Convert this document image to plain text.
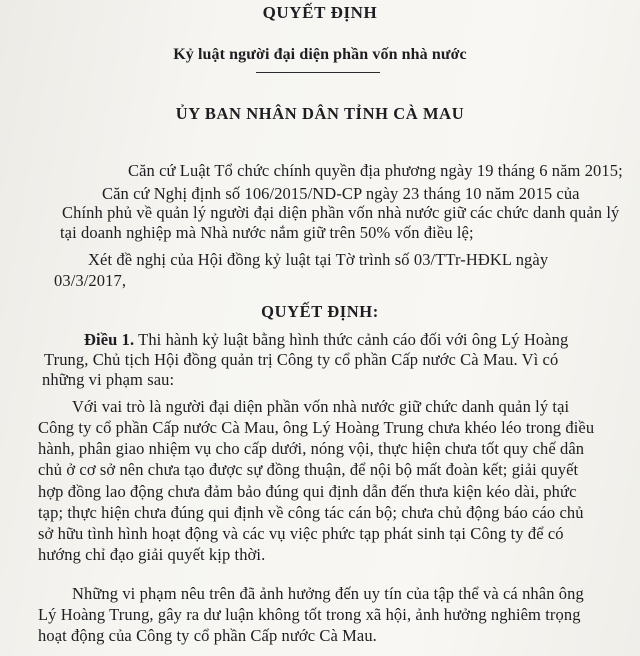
QUYẾT ĐỊNH
Kỷ luật người đại diện phần vốn nhà nước
ỦY BAN NHÂN DÂN TỈNH CÀ MAU
Căn cứ Luật Tổ chức chính quyền địa phương ngày 19 tháng 6 năm 2015;
Căn cứ Nghị định số 106/2015/ND-CP ngày 23 tháng 10 năm 2015 của
Chính phủ về quản lý người đại diện phần vốn nhà nước giữ các chức danh quản lý
tại doanh nghiệp mà Nhà nước nắm giữ trên 50% vốn điều lệ;
Xét đề nghị của Hội đồng kỷ luật tại Tờ trình số 03/TTr-HĐKL ngày
03/3/2017,
QUYẾT ĐỊNH:
Điều 1. Thi hành kỷ luật bằng hình thức cảnh cáo đối với ông Lý Hoàng
Trung, Chủ tịch Hội đồng quản trị Công ty cổ phần Cấp nước Cà Mau. Vì có
những vi phạm sau:
Với vai trò là người đại diện phần vốn nhà nước giữ chức danh quản lý tại
Công ty cổ phần Cấp nước Cà Mau, ông Lý Hoàng Trung chưa khéo léo trong điều
hành, phân giao nhiệm vụ cho cấp dưới, nóng vội, thực hiện chưa tốt quy chế dân
chủ ở cơ sở nên chưa tạo được sự đồng thuận, để nội bộ mất đoàn kết; giải quyết
hợp đồng lao động chưa đảm bảo đúng qui định dẫn đến thưa kiện kéo dài, phức
tạp; thực hiện chưa đúng qui định về công tác cán bộ; chưa chủ động báo cáo chủ
sở hữu tình hình hoạt động và các vụ việc phức tạp phát sinh tại Công ty để có
hướng chỉ đạo giải quyết kịp thời.
Những vi phạm nêu trên đã ảnh hưởng đến uy tín của tập thể và cá nhân ông
Lý Hoàng Trung, gây ra dư luận không tốt trong xã hội, ảnh hưởng nghiêm trọng
hoạt động của Công ty cổ phần Cấp nước Cà Mau.
